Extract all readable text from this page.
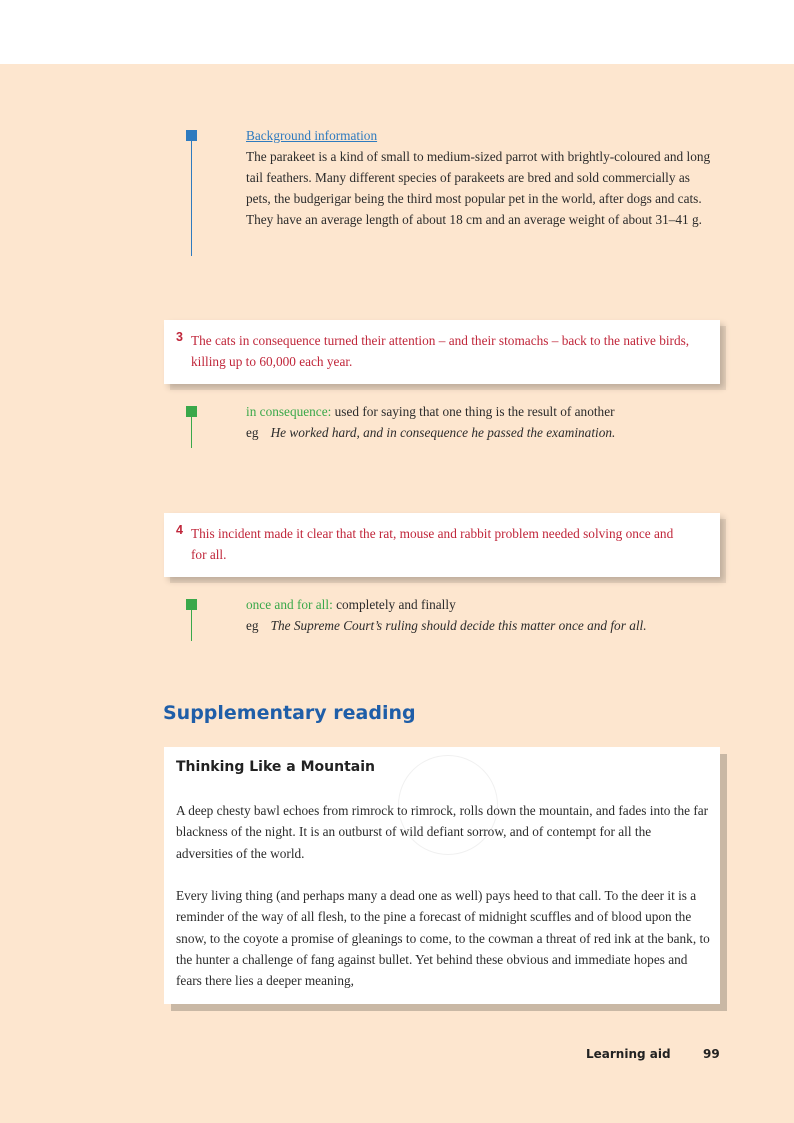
Background information
The parakeet is a kind of small to medium-sized parrot with brightly-coloured and long tail feathers. Many different species of parakeets are bred and sold commercially as pets, the budgerigar being the third most popular pet in the world, after dogs and cats. They have an average length of about 18 cm and an average weight of about 31–41 g.
3 The cats in consequence turned their attention – and their stomachs – back to the native birds, killing up to 60,000 each year.
in consequence: used for saying that one thing is the result of another
eg He worked hard, and in consequence he passed the examination.
4 This incident made it clear that the rat, mouse and rabbit problem needed solving once and for all.
once and for all: completely and finally
eg The Supreme Court’s ruling should decide this matter once and for all.
Supplementary reading
Thinking Like a Mountain
A deep chesty bawl echoes from rimrock to rimrock, rolls down the mountain, and fades into the far blackness of the night. It is an outburst of wild defiant sorrow, and of contempt for all the adversities of the world.
Every living thing (and perhaps many a dead one as well) pays heed to that call. To the deer it is a reminder of the way of all flesh, to the pine a forecast of midnight scuffles and of blood upon the snow, to the coyote a promise of gleanings to come, to the cowman a threat of red ink at the bank, to the hunter a challenge of fang against bullet. Yet behind these obvious and immediate hopes and fears there lies a deeper meaning,
Learning aid	99
